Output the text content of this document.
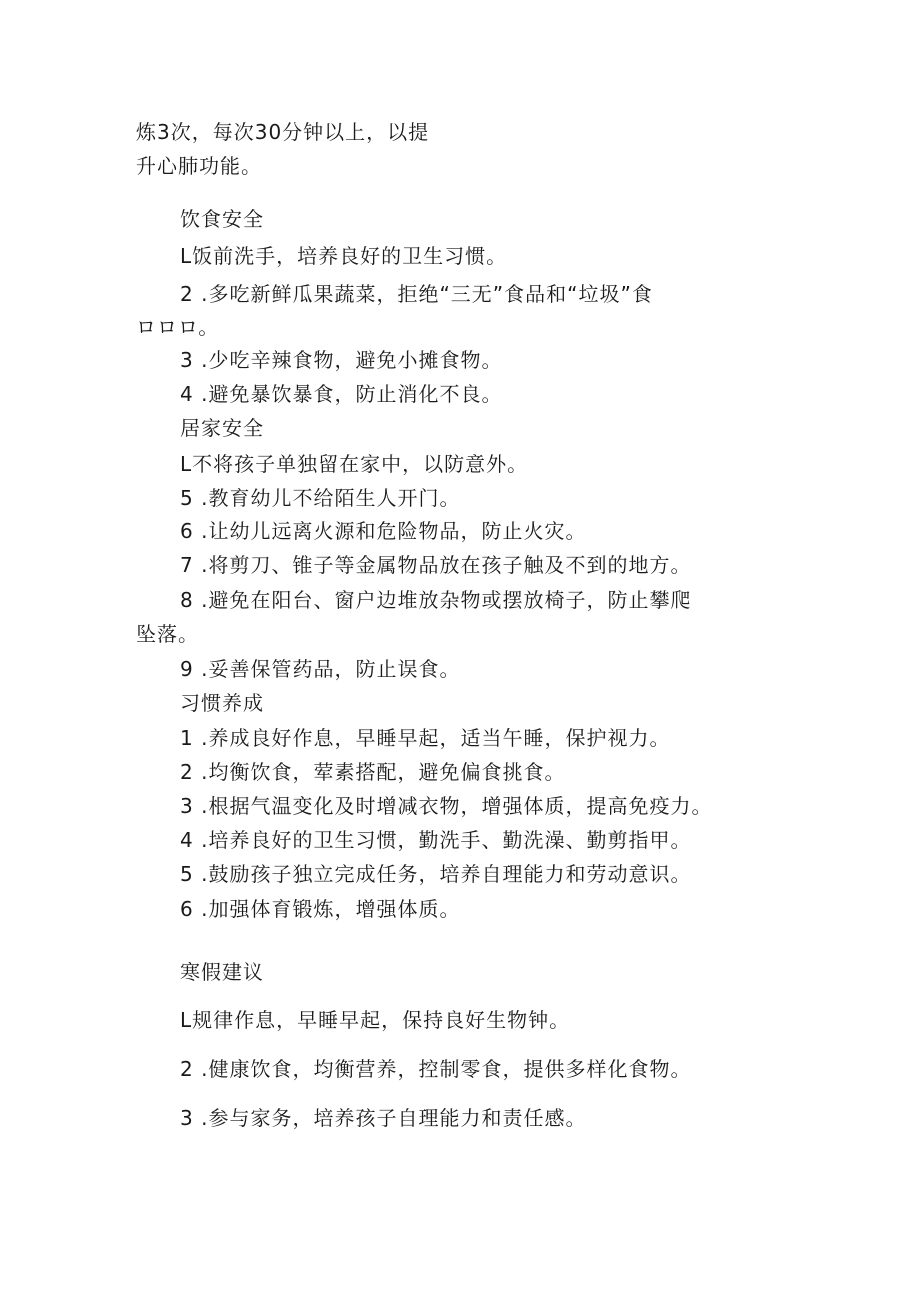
炼3次，每次30分钟以上，以提
升心肺功能。
饮食安全
L饭前洗手，培养良好的卫生习惯。
2 .多吃新鲜瓜果蔬菜，拒绝“三无”食品和“垃圾”食
ロロロ。
3 .少吃辛辣食物，避免小摊食物。
4 .避免暴饮暴食，防止消化不良。
居家安全
L不将孩子单独留在家中，以防意外。
5 .教育幼儿不给陌生人开门。
6 .让幼儿远离火源和危险物品，防止火灾。
7 .将剪刀、锥子等金属物品放在孩子触及不到的地方。
8 .避免在阳台、窗户边堆放杂物或摆放椅子，防止攀爬
坠落。
9 .妥善保管药品，防止误食。
习惯养成
1 .养成良好作息，早睡早起，适当午睡，保护视力。
2 .均衡饮食，荤素搭配，避免偏食挑食。
3 .根据气温变化及时增减衣物，增强体质，提高免疫力。
4 .培养良好的卫生习惯，勤洗手、勤洗澡、勤剪指甲。
5 .鼓励孩子独立完成任务，培养自理能力和劳动意识。
6 .加强体育锻炼，增强体质。
寒假建议
L规律作息，早睡早起，保持良好生物钟。
2 .健康饮食，均衡营养，控制零食，提供多样化食物。
3 .参与家务，培养孩子自理能力和责任感。
